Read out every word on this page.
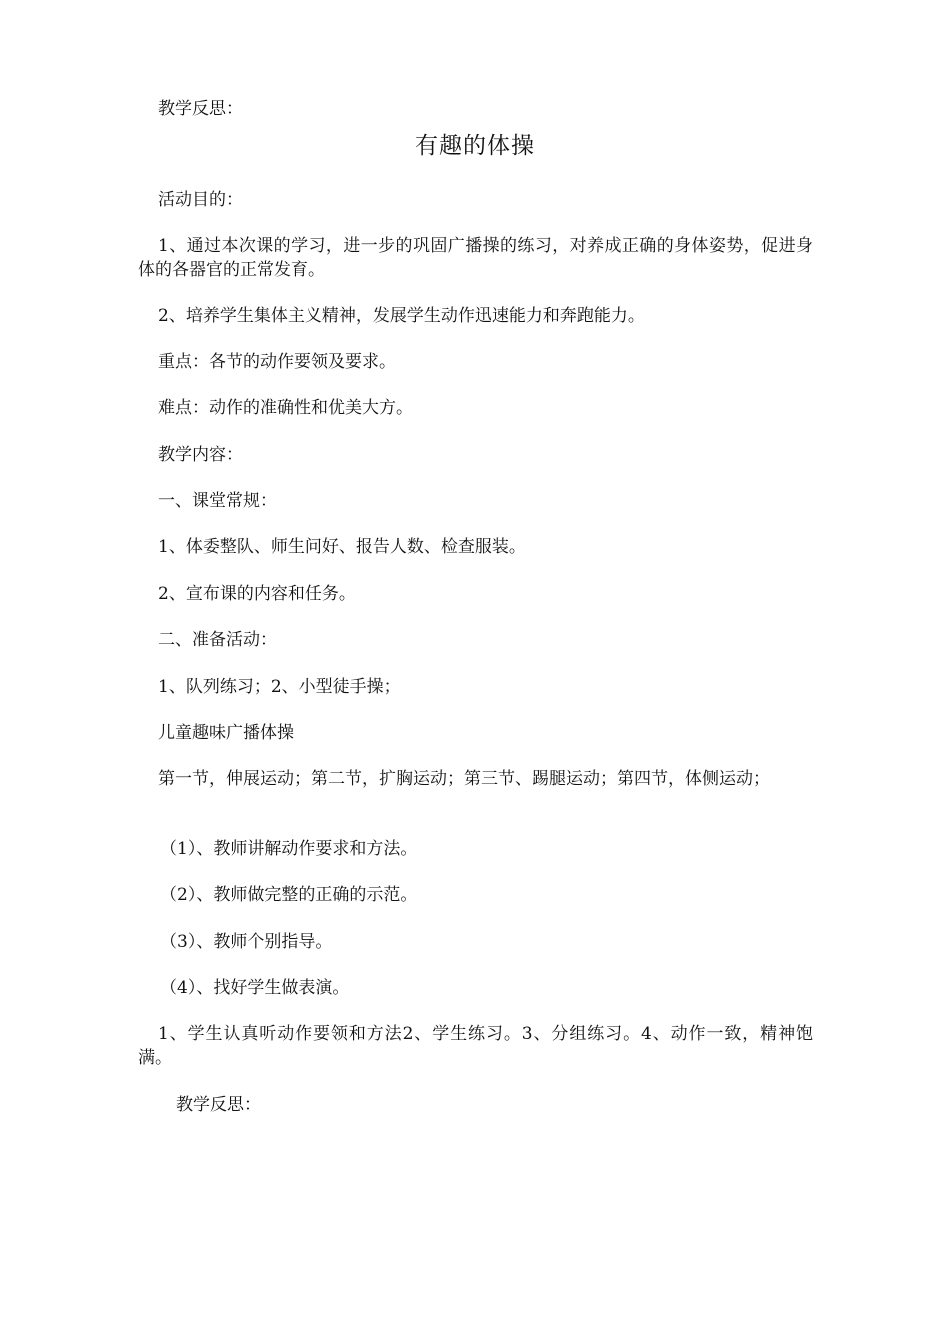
教学反思：
有趣的体操
活动目的：
1、通过本次课的学习，进一步的巩固广播操的练习，对养成正确的身体姿势，促进身体的各器官的正常发育。
2、培养学生集体主义精神，发展学生动作迅速能力和奔跑能力。
重点：各节的动作要领及要求。
难点：动作的准确性和优美大方。
教学内容：
一、课堂常规：
1、体委整队、师生问好、报告人数、检查服装。
2、宣布课的内容和任务。
二、准备活动：
1、队列练习；2、小型徒手操；
儿童趣味广播体操
第一节，伸展运动；第二节，扩胸运动；第三节、踢腿运动；第四节，体侧运动；
（1）、教师讲解动作要求和方法。
（2）、教师做完整的正确的示范。
（3）、教师个别指导。
（4）、找好学生做表演。
1、学生认真听动作要领和方法2、学生练习。3、分组练习。4、动作一致，精神饱满。
教学反思：
